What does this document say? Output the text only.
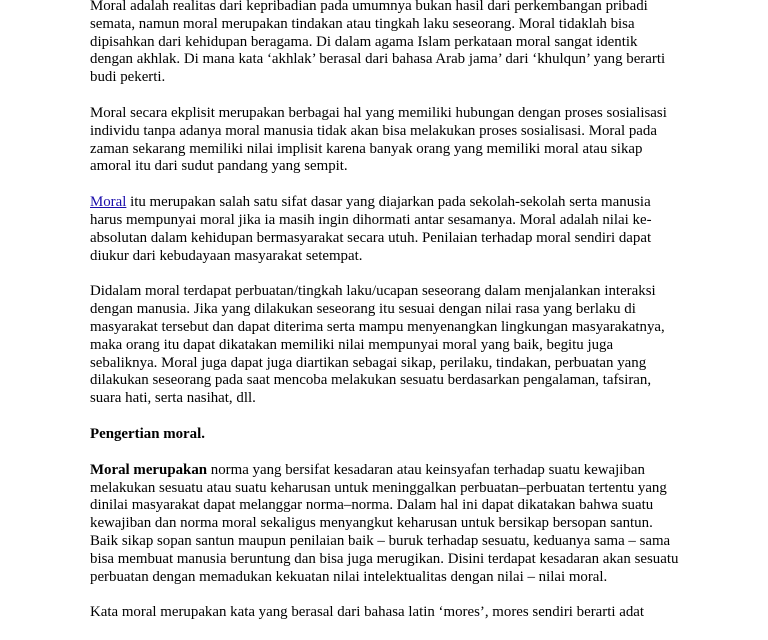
Moral adalah realitas dari kepribadian pada umumnya bukan hasil dari perkembangan pribadi semata, namun moral merupakan tindakan atau tingkah laku seseorang. Moral tidaklah bisa dipisahkan dari kehidupan beragama. Di dalam agama Islam perkataan moral sangat identik dengan akhlak. Di mana kata ‘akhlak’ berasal dari bahasa Arab jama’ dari ‘khulqun’ yang berarti budi pekerti.

Moral secara ekplisit merupakan berbagai hal yang memiliki hubungan dengan proses sosialisasi individu tanpa adanya moral manusia tidak akan bisa melakukan proses sosialisasi. Moral pada zaman sekarang memiliki nilai implisit karena banyak orang yang memiliki moral atau sikap amoral itu dari sudut pandang yang sempit.

Moral itu merupakan salah satu sifat dasar yang diajarkan pada sekolah-sekolah serta manusia harus mempunyai moral jika ia masih ingin dihormati antar sesamanya. Moral adalah nilai ke-absolutan dalam kehidupan bermasyarakat secara utuh. Penilaian terhadap moral sendiri dapat diukur dari kebudayaan masyarakat setempat.

Didalam moral terdapat perbuatan/tingkah laku/ucapan seseorang dalam menjalankan interaksi dengan manusia. Jika yang dilakukan seseorang itu sesuai dengan nilai rasa yang berlaku di masyarakat tersebut dan dapat diterima serta mampu menyenangkan lingkungan masyarakatnya, maka orang itu dapat dikatakan memiliki nilai mempunyai moral yang baik, begitu juga sebaliknya. Moral juga dapat juga diartikan sebagai sikap, perilaku, tindakan, perbuatan yang dilakukan seseorang pada saat mencoba melakukan sesuatu berdasarkan pengalaman, tafsiran, suara hati, serta nasihat, dll.

Pengertian moral.

Moral merupakan norma yang bersifat kesadaran atau keinsyafan terhadap suatu kewajiban melakukan sesuatu atau suatu keharusan untuk meninggalkan perbuatan–perbuatan tertentu yang dinilai masyarakat dapat melanggar norma–norma. Dalam hal ini dapat dikatakan bahwa suatu kewajiban dan norma moral sekaligus menyangkut keharusan untuk bersikap bersopan santun. Baik sikap sopan santun maupun penilaian baik – buruk terhadap sesuatu, keduanya sama – sama bisa membuat manusia beruntung dan bisa juga merugikan. Disini terdapat kesadaran akan sesuatu perbuatan dengan memadukan kekuatan nilai intelektualitas dengan nilai – nilai moral.

Kata moral merupakan kata yang berasal dari bahasa latin ‘mores’, mores sendiri berarti adat
